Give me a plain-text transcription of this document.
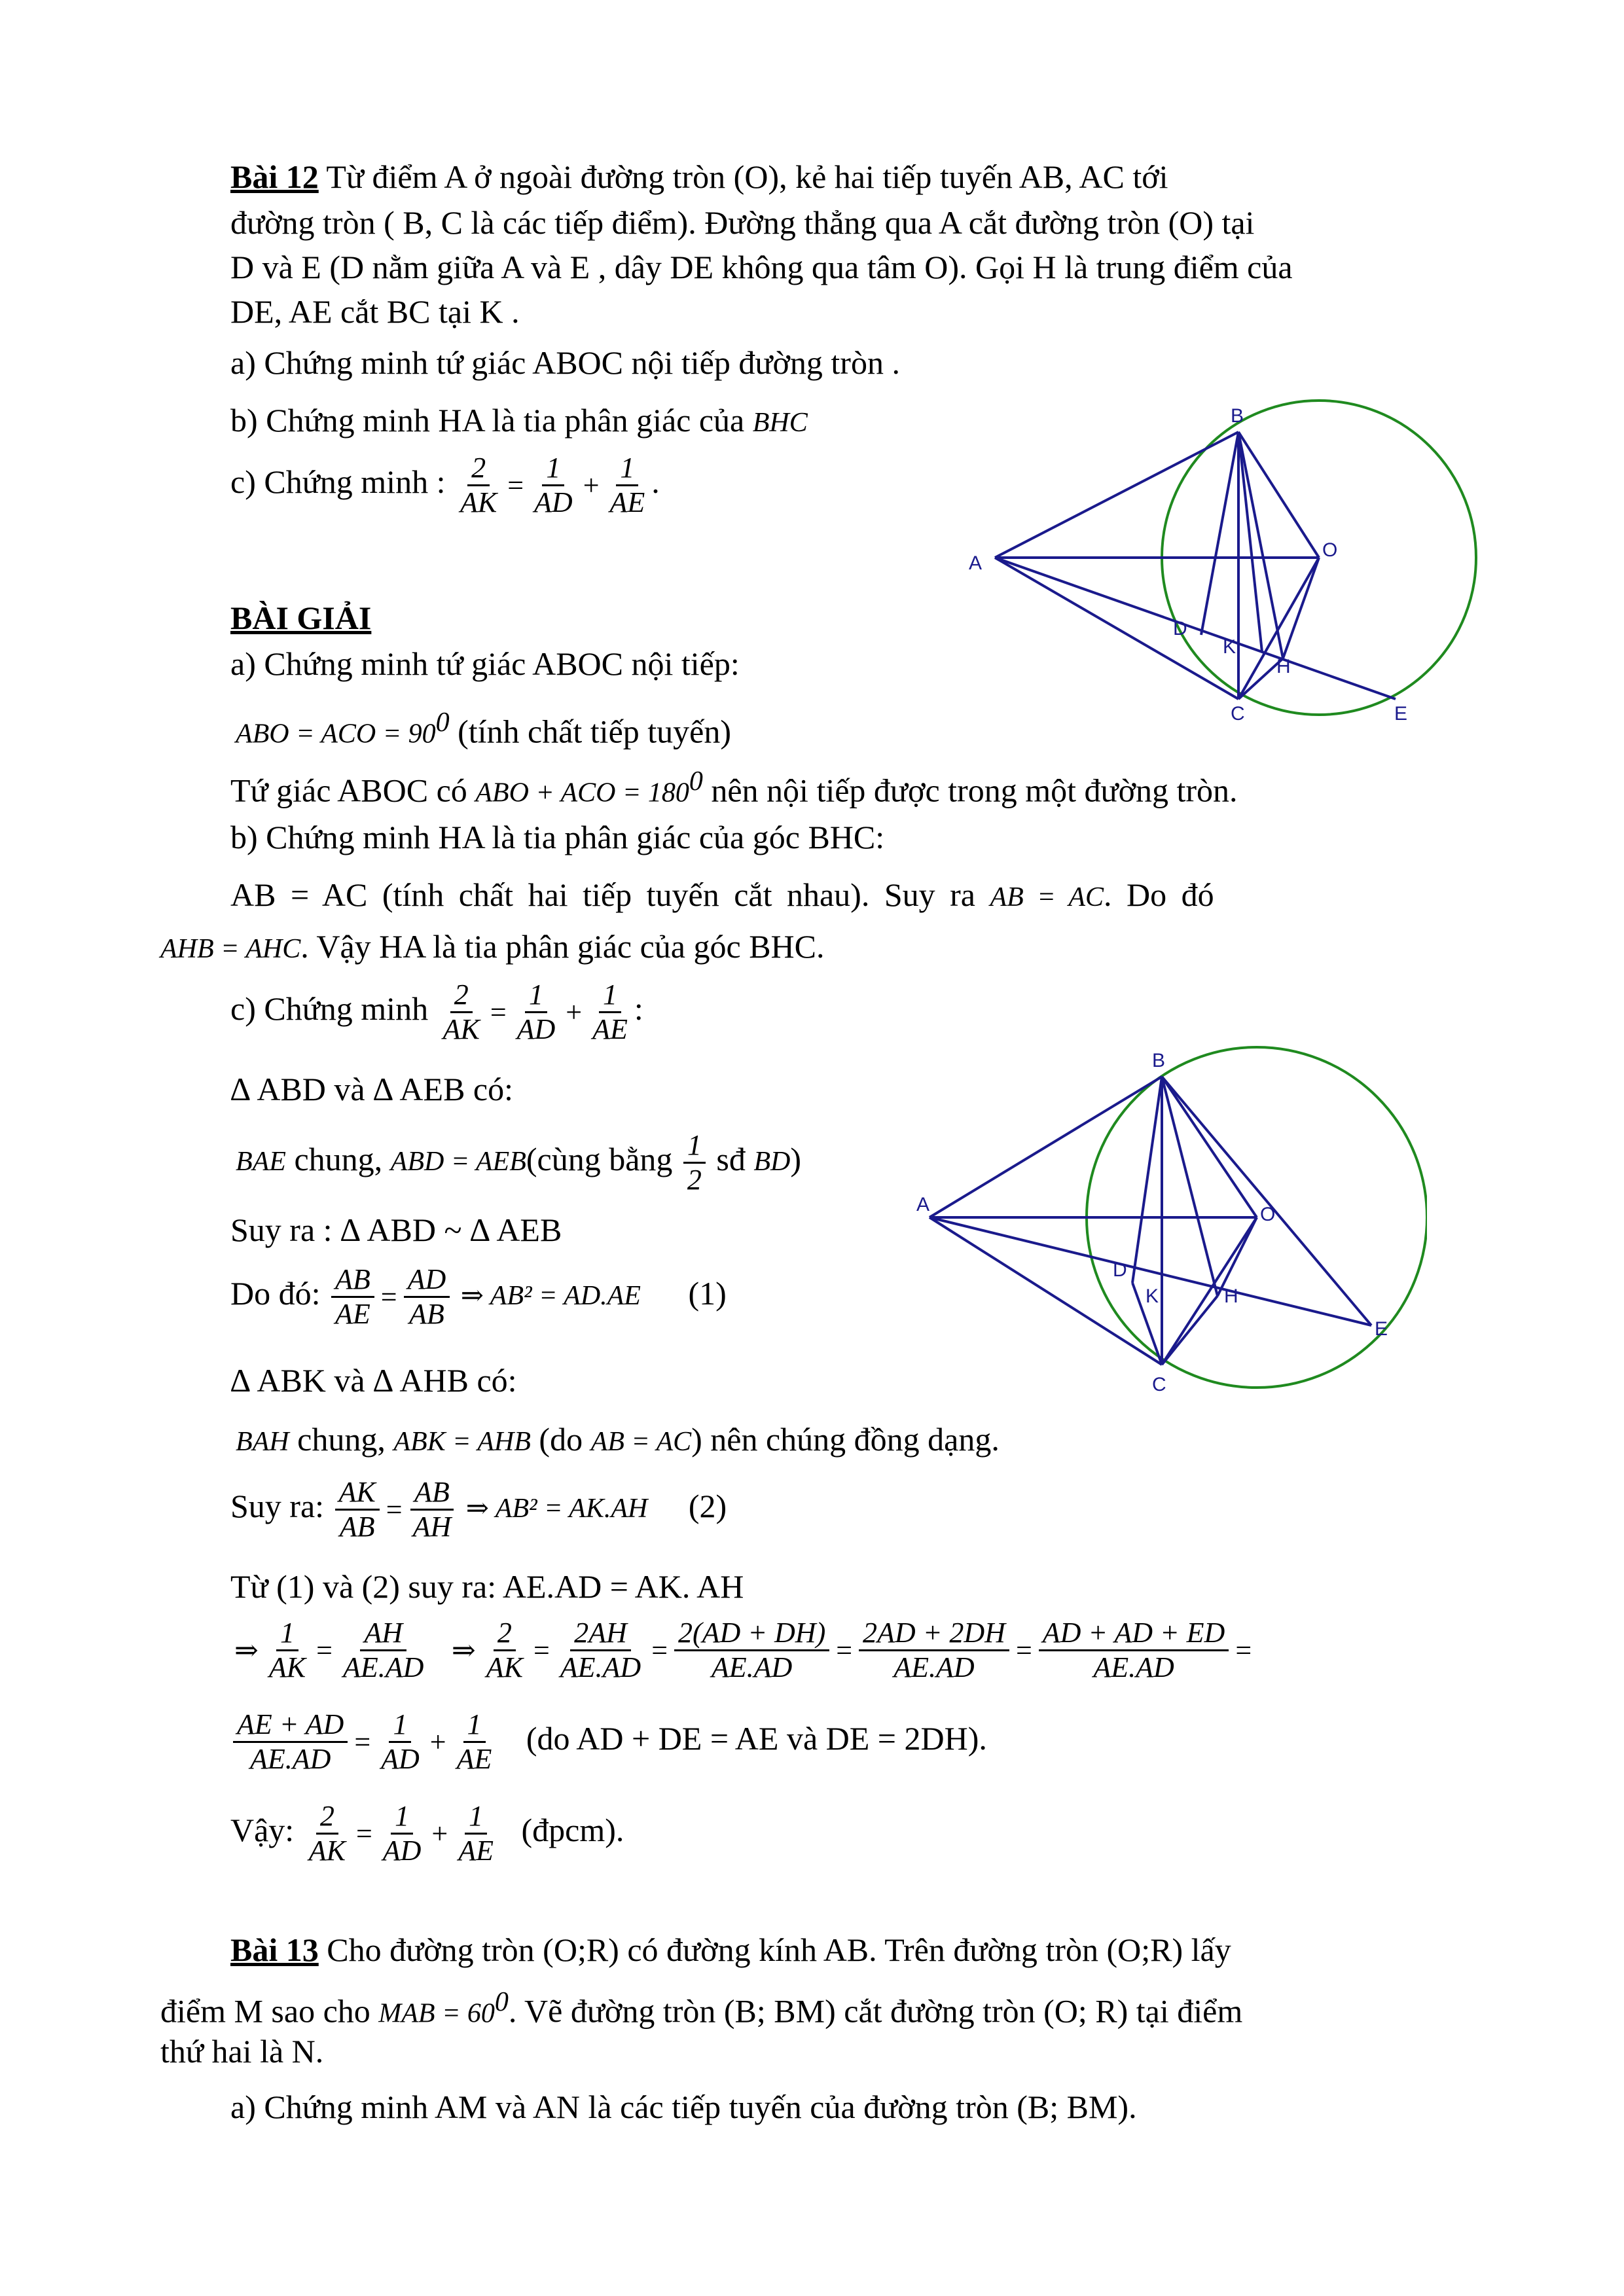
Bài 12 Từ điểm A ở ngoài đường tròn (O), kẻ hai tiếp tuyến AB, AC tới
đường tròn ( B, C là các tiếp điểm). Đường thẳng qua A cắt đường tròn (O) tại
D và E (D nằm giữa A và E , dây DE không qua tâm O). Gọi H là trung điểm của
DE, AE cắt BC tại K .
a) Chứng minh tứ giác ABOC nội tiếp đường tròn .
b) Chứng minh HA là tia phân giác của BHC
c) Chứng minh : $\frac{2}{AK} = \frac{1}{AD} + \frac{1}{AE}$ .
B
O
A
D
K
H
C	E
BÀI GIẢI
a) Chứng minh tứ giác ABOC nội tiếp:
ABO = ACO = $90^0$ (tính chất tiếp tuyến)
Tứ giác ABOC có ABO + ACO = $180^0$ nên nội tiếp được trong một đường tròn.
b) Chứng minh HA là tia phân giác của góc BHC:
AB = AC (tính chất hai tiếp tuyến cắt nhau). Suy ra AB = AC. Do đó
AHB = AHC. Vậy HA là tia phân giác của góc BHC.
c) Chứng minh $\frac{2}{AK} = \frac{1}{AD} + \frac{1}{AE}$ :
∆ ABD và ∆ AEB có:
BAE chung, ABD = AEB(cùng bằng $\frac{1}{2}$ sđ BD)
Suy ra : ∆ ABD ~ ∆ AEB
Do đó: $\frac{AB}{AE} = \frac{AD}{AB}$ ⇒ AB² = AD.AE (1)
∆ ABK và ∆ AHB có:
BAH chung, ABK = AHB (do AB = AC) nên chúng đồng dạng.
Suy ra: $\frac{AK}{AB} = \frac{AB}{AH}$ ⇒ AB² = AK.AH (2)
Từ (1) và (2) suy ra: AE.AD = AK. AH
⇒ $\frac{1}{AK} = \frac{AH}{AE.AD}$ ⇒ $\frac{2}{AK} = \frac{2AH}{AE.AD} = \frac{2(AD + DH)}{AE.AD} = \frac{2AD + 2DH}{AE.AD} = \frac{AD + AD + ED}{AE.AD}$ =
$\frac{AE + AD}{AE.AD} = \frac{1}{AD} + \frac{1}{AE} (do$ AD + DE = AE và DE = 2DH).
Vậy: $\frac{2}{AK} = \frac{1}{AD} + \frac{1}{AE}$ (đpcm).
B
O
A
D
K	H
C
E
Bài 13 Cho đường tròn (O;R) có đường kính AB. Trên đường tròn (O;R) lấy
điểm M sao cho MAB = $60^0$. Vẽ đường tròn (B; BM) cắt đường tròn (O; R) tại điểm
thứ hai là N.
a) Chứng minh AM và AN là các tiếp tuyến của đường tròn (B; BM).
